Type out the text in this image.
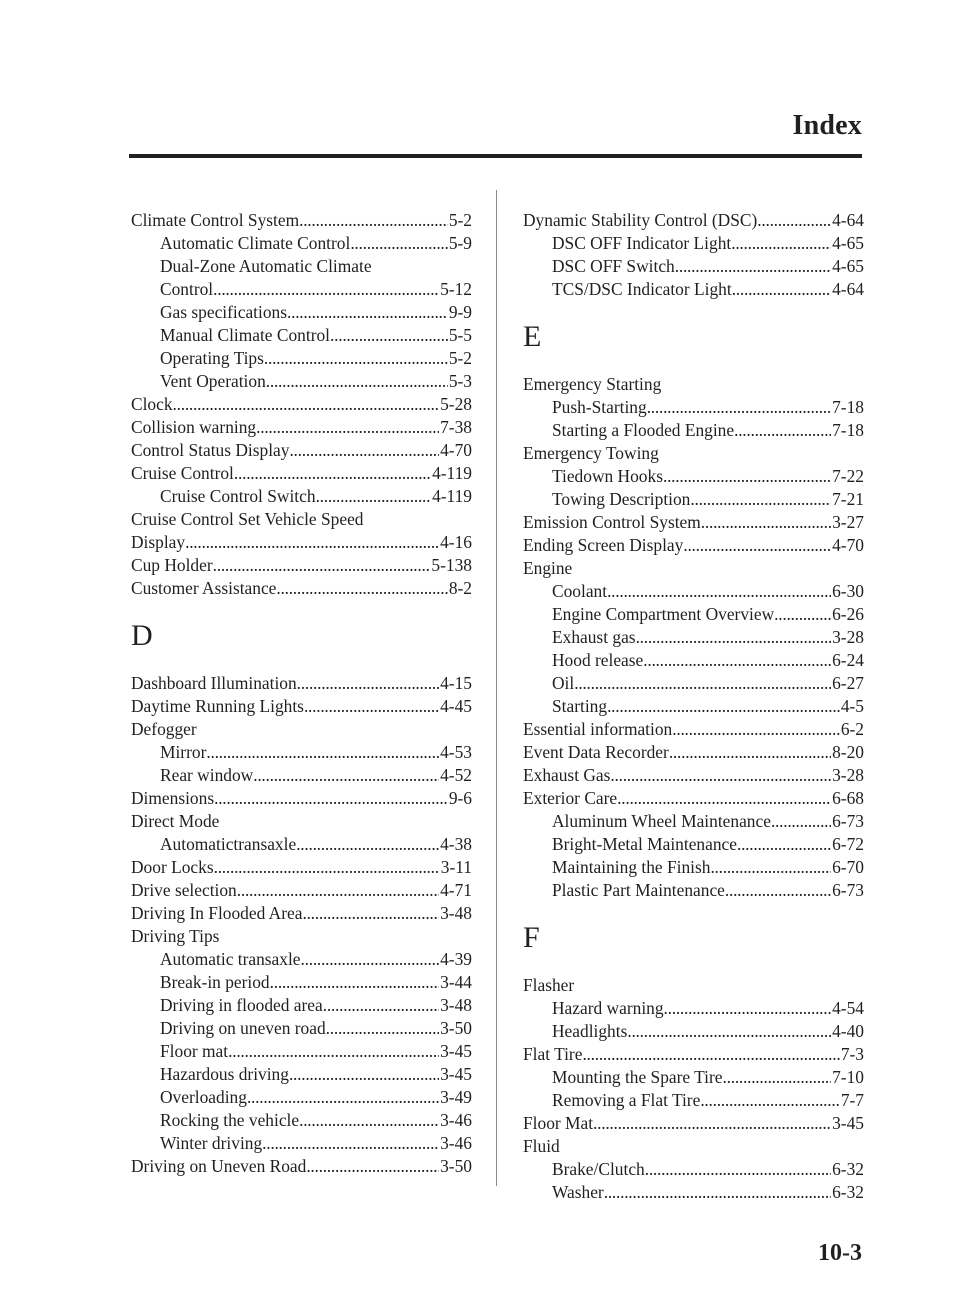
Index
Climate Control System . . .	5-2
Automatic Climate Control . . .	5-9
Dual-Zone Automatic Climate
Control . . .	5-12
Gas specifications . . .	9-9
Manual Climate Control . . .	5-5
Operating Tips . . .	5-2
Vent Operation . . .	5-3
Clock . . .	5-28
Collision warning . . .	7-38
Control Status Display . . .	4-70
Cruise Control . . .	4-119
Cruise Control Switch . . .	4-119
Cruise Control Set Vehicle Speed
Display . . .	4-16
Cup Holder . . .	5-138
Customer Assistance . . .	8-2
D
Dashboard Illumination . . .	4-15
Daytime Running Lights . . .	4-45
Defogger
Mirror . . .	4-53
Rear window . . .	4-52
Dimensions . . .	9-6
Direct Mode
Automatictransaxle . . .	4-38
Door Locks . . .	3-11
Drive selection . . .	4-71
Driving In Flooded Area . . .	3-48
Driving Tips
Automatic transaxle . . .	4-39
Break-in period . . .	3-44
Driving in flooded area . . .	3-48
Driving on uneven road . . .	3-50
Floor mat . . .	3-45
Hazardous driving . . .	3-45
Overloading . . .	3-49
Rocking the vehicle . . .	3-46
Winter driving . . .	3-46
Driving on Uneven Road . . .	3-50
Dynamic Stability Control (DSC) . . .	4-64
DSC OFF Indicator Light . . .	4-65
DSC OFF Switch . . .	4-65
TCS/DSC Indicator Light . . .	4-64
E
Emergency Starting
Push-Starting . . .	7-18
Starting a Flooded Engine . . .	7-18
Emergency Towing
Tiedown Hooks . . .	7-22
Towing Description . . .	7-21
Emission Control System . . .	3-27
Ending Screen Display . . .	4-70
Engine
Coolant . . .	6-30
Engine Compartment Overview . . .	6-26
Exhaust gas . . .	3-28
Hood release . . .	6-24
Oil . . .	6-27
Starting . . .	4-5
Essential information . . .	6-2
Event Data Recorder . . .	8-20
Exhaust Gas . . .	3-28
Exterior Care . . .	6-68
Aluminum Wheel Maintenance . . .	6-73
Bright-Metal Maintenance . . .	6-72
Maintaining the Finish . . .	6-70
Plastic Part Maintenance . . .	6-73
F
Flasher
Hazard warning . . .	4-54
Headlights . . .	4-40
Flat Tire . . .	7-3
Mounting the Spare Tire . . .	7-10
Removing a Flat Tire . . .	7-7
Floor Mat . . .	3-45
Fluid
Brake/Clutch . . .	6-32
Washer . . .	6-32
10-3
